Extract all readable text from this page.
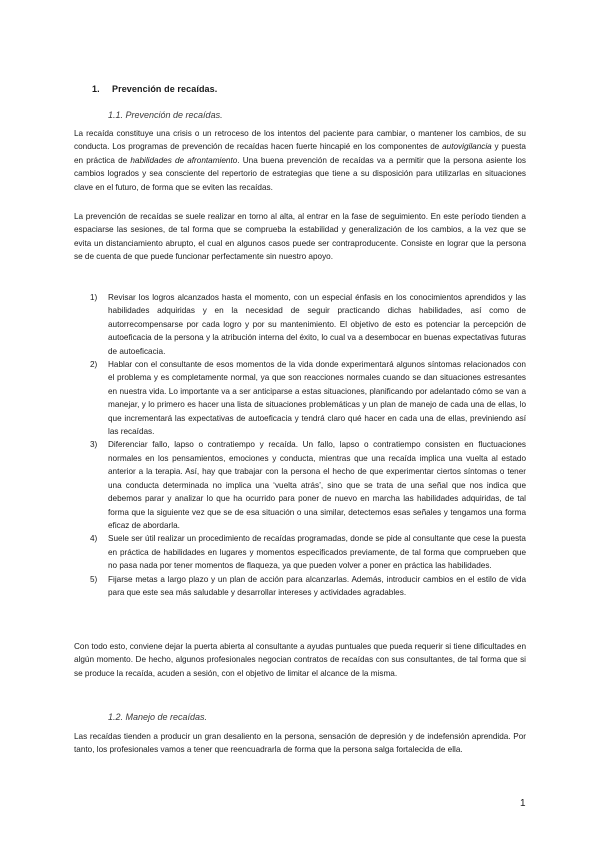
1. Prevención de recaídas.
1.1. Prevención de recaídas.

La recaída constituye una crisis o un retroceso de los intentos del paciente para cambiar, o mantener los cambios, de su conducta. Los programas de prevención de recaídas hacen fuerte hincapié en los componentes de autovigilancia y puesta en práctica de habilidades de afrontamiento. Una buena prevención de recaídas va a permitir que la persona asiente los cambios logrados y sea consciente del repertorio de estrategias que tiene a su disposición para utilizarlas en situaciones clave en el futuro, de forma que se eviten las recaídas.

La prevención de recaídas se suele realizar en torno al alta, al entrar en la fase de seguimiento. En este período tienden a espaciarse las sesiones, de tal forma que se comprueba la estabilidad y generalización de los cambios, a la vez que se evita un distanciamiento abrupto, el cual en algunos casos puede ser contraproducente. Consiste en lograr que la persona se de cuenta de que puede funcionar perfectamente sin nuestro apoyo.

1) Revisar los logros alcanzados hasta el momento, con un especial énfasis en los conocimientos aprendidos y las habilidades adquiridas y en la necesidad de seguir practicando dichas habilidades, así como de autorrecompensarse por cada logro y por su mantenimiento. El objetivo de esto es potenciar la percepción de autoeficacia de la persona y la atribución interna del éxito, lo cual va a desembocar en buenas expectativas futuras de autoeficacia.
2) Hablar con el consultante de esos momentos de la vida donde experimentará algunos síntomas relacionados con el problema y es completamente normal, ya que son reacciones normales cuando se dan situaciones estresantes en nuestra vida. Lo importante va a ser anticiparse a estas situaciones, planificando por adelantado cómo se van a manejar, y lo primero es hacer una lista de situaciones problemáticas y un plan de manejo de cada una de ellas, lo que incrementará las expectativas de autoeficacia y tendrá claro qué hacer en cada una de ellas, previniendo así las recaídas.
3) Diferenciar fallo, lapso o contratiempo y recaída. Un fallo, lapso o contratiempo consisten en fluctuaciones normales en los pensamientos, emociones y conducta, mientras que una recaída implica una vuelta al estado anterior a la terapia. Así, hay que trabajar con la persona el hecho de que experimentar ciertos síntomas o tener una conducta determinada no implica una ‘vuelta atrás’, sino que se trata de una señal que nos indica que debemos parar y analizar lo que ha ocurrido para poner de nuevo en marcha las habilidades adquiridas, de tal forma que la siguiente vez que se de esa situación o una similar, detectemos esas señales y tengamos una forma eficaz de abordarla.
4) Suele ser útil realizar un procedimiento de recaídas programadas, donde se pide al consultante que cese la puesta en práctica de habilidades en lugares y momentos especificados previamente, de tal forma que comprueben que no pasa nada por tener momentos de flaqueza, ya que pueden volver a poner en práctica las habilidades.
5) Fijarse metas a largo plazo y un plan de acción para alcanzarlas. Además, introducir cambios en el estilo de vida para que este sea más saludable y desarrollar intereses y actividades agradables.

Con todo esto, conviene dejar la puerta abierta al consultante a ayudas puntuales que pueda requerir si tiene dificultades en algún momento. De hecho, algunos profesionales negocian contratos de recaídas con sus consultantes, de tal forma que si se produce la recaída, acuden a sesión, con el objetivo de limitar el alcance de la misma.

1.2. Manejo de recaídas.

Las recaídas tienden a producir un gran desaliento en la persona, sensación de depresión y de indefensión aprendida. Por tanto, los profesionales vamos a tener que reencuadrarla de forma que la persona salga fortalecida de ella.

1
